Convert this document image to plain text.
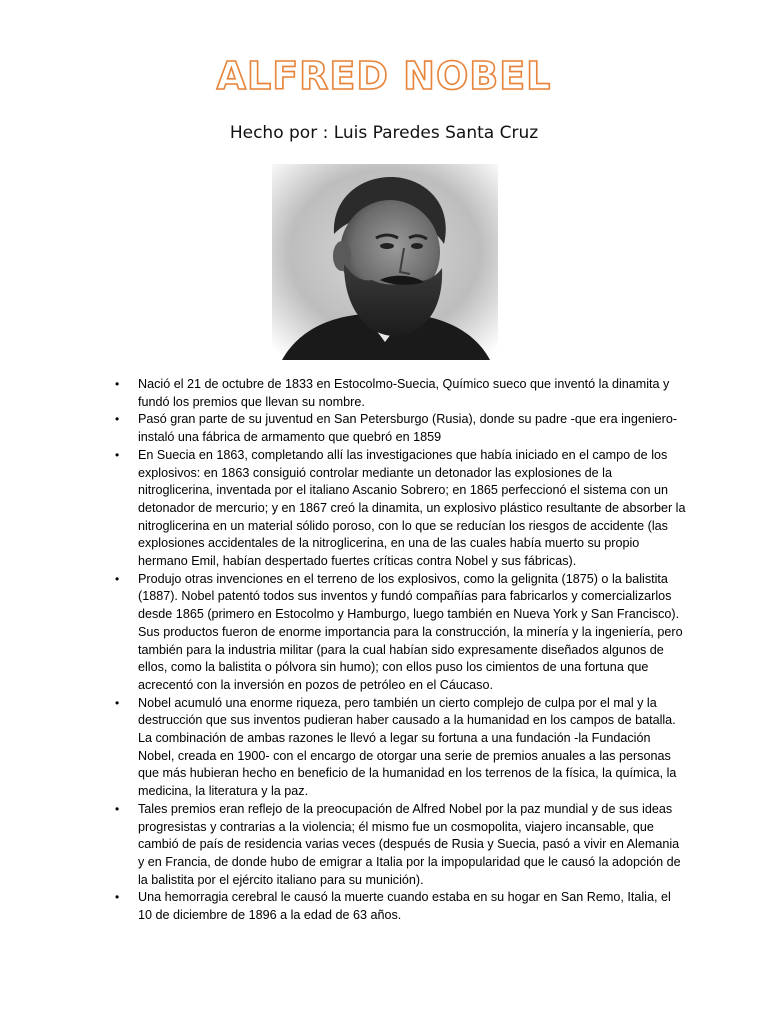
ALFRED NOBEL
Hecho por : Luis Paredes Santa Cruz
• Nació el 21 de octubre de 1833 en Estocolmo-Suecia, Químico sueco que inventó la dinamita y fundó los premios que llevan su nombre.
• Pasó gran parte de su juventud en San Petersburgo (Rusia), donde su padre -que era ingeniero- instaló una fábrica de armamento que quebró en 1859
• En Suecia en 1863, completando allí las investigaciones que había iniciado en el campo de los explosivos: en 1863 consiguió controlar mediante un detonador las explosiones de la nitroglicerina, inventada por el italiano Ascanio Sobrero; en 1865 perfeccionó el sistema con un detonador de mercurio; y en 1867 creó la dinamita, un explosivo plástico resultante de absorber la nitroglicerina en un material sólido poroso, con lo que se reducían los riesgos de accidente (las explosiones accidentales de la nitroglicerina, en una de las cuales había muerto su propio hermano Emil, habían despertado fuertes críticas contra Nobel y sus fábricas).
• Produjo otras invenciones en el terreno de los explosivos, como la gelignita (1875) o la balistita (1887). Nobel patentó todos sus inventos y fundó compañías para fabricarlos y comercializarlos desde 1865 (primero en Estocolmo y Hamburgo, luego también en Nueva York y San Francisco). Sus productos fueron de enorme importancia para la construcción, la minería y la ingeniería, pero también para la industria militar (para la cual habían sido expresamente diseñados algunos de ellos, como la balistita o pólvora sin humo); con ellos puso los cimientos de una fortuna que acrecentó con la inversión en pozos de petróleo en el Cáucaso.
• Nobel acumuló una enorme riqueza, pero también un cierto complejo de culpa por el mal y la destrucción que sus inventos pudieran haber causado a la humanidad en los campos de batalla. La combinación de ambas razones le llevó a legar su fortuna a una fundación -la Fundación Nobel, creada en 1900- con el encargo de otorgar una serie de premios anuales a las personas que más hubieran hecho en beneficio de la humanidad en los terrenos de la física, la química, la medicina, la literatura y la paz.
• Tales premios eran reflejo de la preocupación de Alfred Nobel por la paz mundial y de sus ideas progresistas y contrarias a la violencia; él mismo fue un cosmopolita, viajero incansable, que cambió de país de residencia varias veces (después de Rusia y Suecia, pasó a vivir en Alemania y en Francia, de donde hubo de emigrar a Italia por la impopularidad que le causó la adopción de la balistita por el ejército italiano para su munición).
• Una hemorragia cerebral le causó la muerte cuando estaba en su hogar en San Remo, Italia, el 10 de diciembre de 1896 a la edad de 63 años.
